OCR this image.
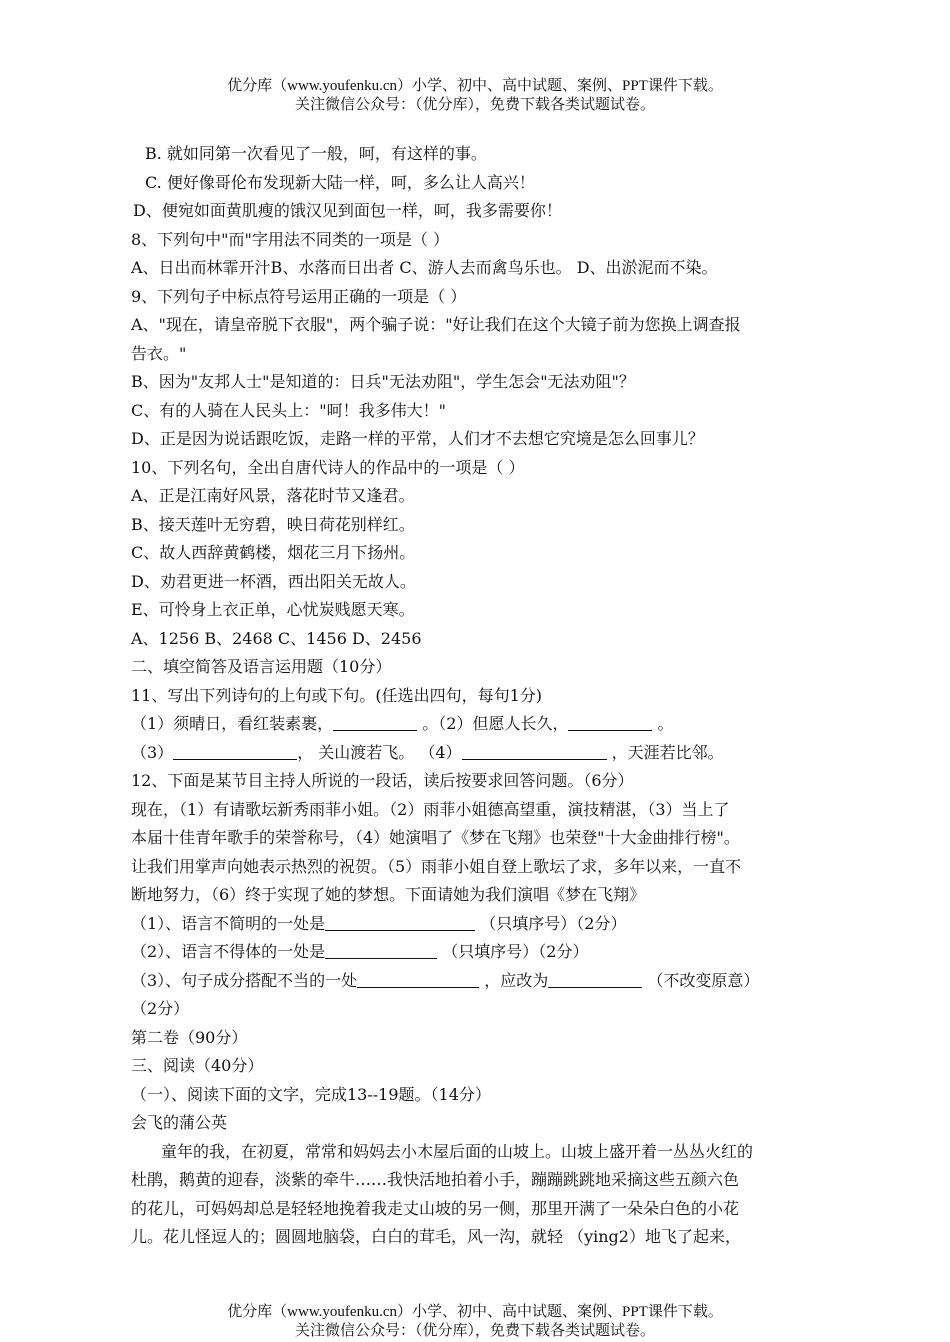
优分库（www.youfenku.cn）小学、初中、高中试题、案例、PPT课件下载。
关注微信公众号：（优分库），免费下载各类试题试卷。
B. 就如同第一次看见了一般，呵，有这样的事。
C. 便好像哥伦布发现新大陆一样，呵，多么让人高兴！
D、便宛如面黄肌瘦的饿汉见到面包一样，呵，我多需要你！
8、下列句中"而"字用法不同类的一项是（ ）
A、日出而林霏开汁B、水落而日出者 C、游人去而禽鸟乐也。 D、出淤泥而不染。
9、下列句子中标点符号运用正确的一项是（ ）
A、"现在，请皇帝脱下衣服"，两个骗子说："好让我们在这个大镜子前为您换上调查报
告衣。"
B、因为"友邦人士"是知道的：日兵"无法劝阻"，学生怎会"无法劝阻"？
C、有的人骑在人民头上："呵！我多伟大！"
D、正是因为说话跟吃饭，走路一样的平常，人们才不去想它究境是怎么回事儿？
10、下列名句，全出自唐代诗人的作品中的一项是（ ）
A、正是江南好风景，落花时节又逢君。
B、接天莲叶无穷碧，映日荷花别样红。
C、故人西辞黄鹤楼，烟花三月下扬州。
D、劝君更进一杯酒，西出阳关无故人。
E、可怜身上衣正单，心忧炭贱愿天寒。
A、1256 B、2468 C、1456 D、2456
二、填空简答及语言运用题（10分）
11、写出下列诗句的上句或下句。(任选出四句，每句1分)
（1）须晴日，看红装素裹，	。（2）但愿人长久，	。
（3）	， 关山渡若飞。 （4）	，天涯若比邻。
12、下面是某节目主持人所说的一段话，读后按要求回答问题。（6分）
现在，（1）有请歌坛新秀雨菲小姐。（2）雨菲小姐德高望重，演技精湛，（3）当上了
本届十佳青年歌手的荣誉称号，（4）她演唱了《梦在飞翔》也荣登"十大金曲排行榜"。
让我们用掌声向她表示热烈的祝贺。（5）雨菲小姐自登上歌坛了求，多年以来，一直不
断地努力，（6）终于实现了她的梦想。下面请她为我们演唱《梦在飞翔》
（1）、语言不简明的一处是	（只填序号）（2分）
（2）、语言不得体的一处是	（只填序号）（2分）
（3）、句子成分搭配不当的一处	，应改为	（不改变原意）
（2分）
第二卷（90分）
三、阅读（40分）
（一）、阅读下面的文字，完成13--19题。（14分）
会飞的蒲公英
童年的我，在初夏，常常和妈妈去小木屋后面的山坡上。山坡上盛开着一丛丛火红的
杜鹃，鹅黄的迎春，淡紫的牵牛……我快活地拍着小手，蹦蹦跳跳地采摘这些五颜六色
的花儿，可妈妈却总是轻轻地挽着我走丈山坡的另一侧，那里开满了一朵朵白色的小花
儿。花儿怪逗人的；圆圆地脑袋，白白的茸毛，风一沟，就轻 （ying2）地飞了起来，
优分库（www.youfenku.cn）小学、初中、高中试题、案例、PPT课件下载。
关注微信公众号：（优分库），免费下载各类试题试卷。
